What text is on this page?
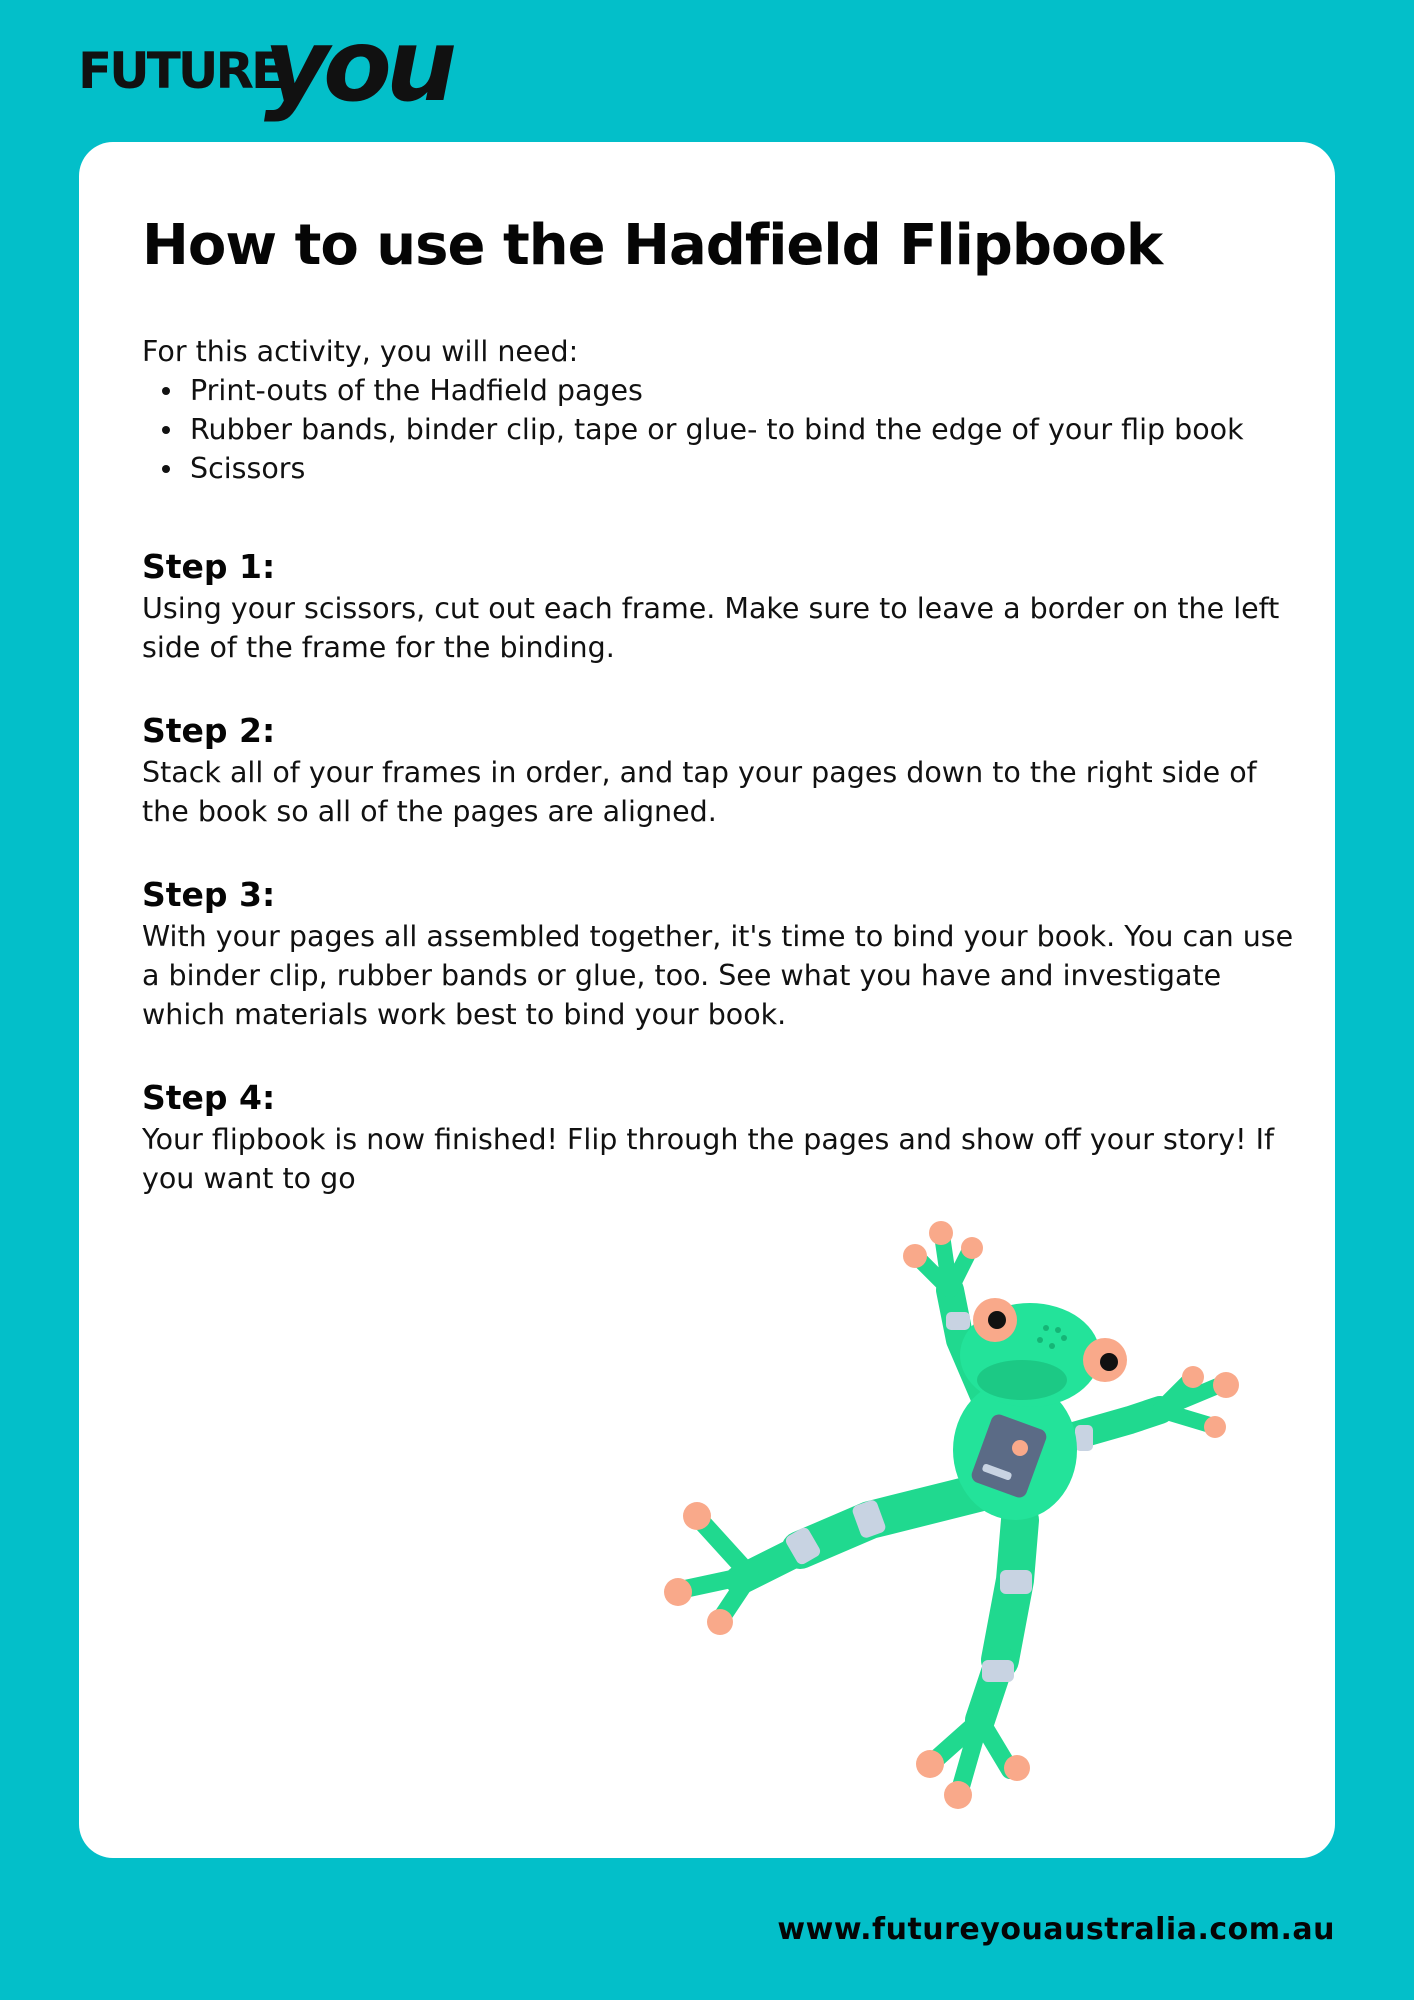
FUTURE
you
How to use the Hadfield Flipbook
For this activity, you will need:
Print-outs of the Hadfield pages
Rubber bands, binder clip, tape or glue- to bind the edge of your flip book
Scissors
Step 1:

Using your scissors, cut out each frame. Make sure to leave a border on the left side of the frame for the binding.

Step 2:

Stack all of your frames in order, and tap your pages down to the right side of the book so all of the pages are aligned.

Step 3:

With your pages all assembled together, it's time to bind your book. You can use a binder clip, rubber bands or glue, too. See what you have and investigate which materials work best to bind your book.

Step 4:

Your flipbook is now finished! Flip through the pages and show off your story! If you want to go

www.futureyouaustralia.com.au
